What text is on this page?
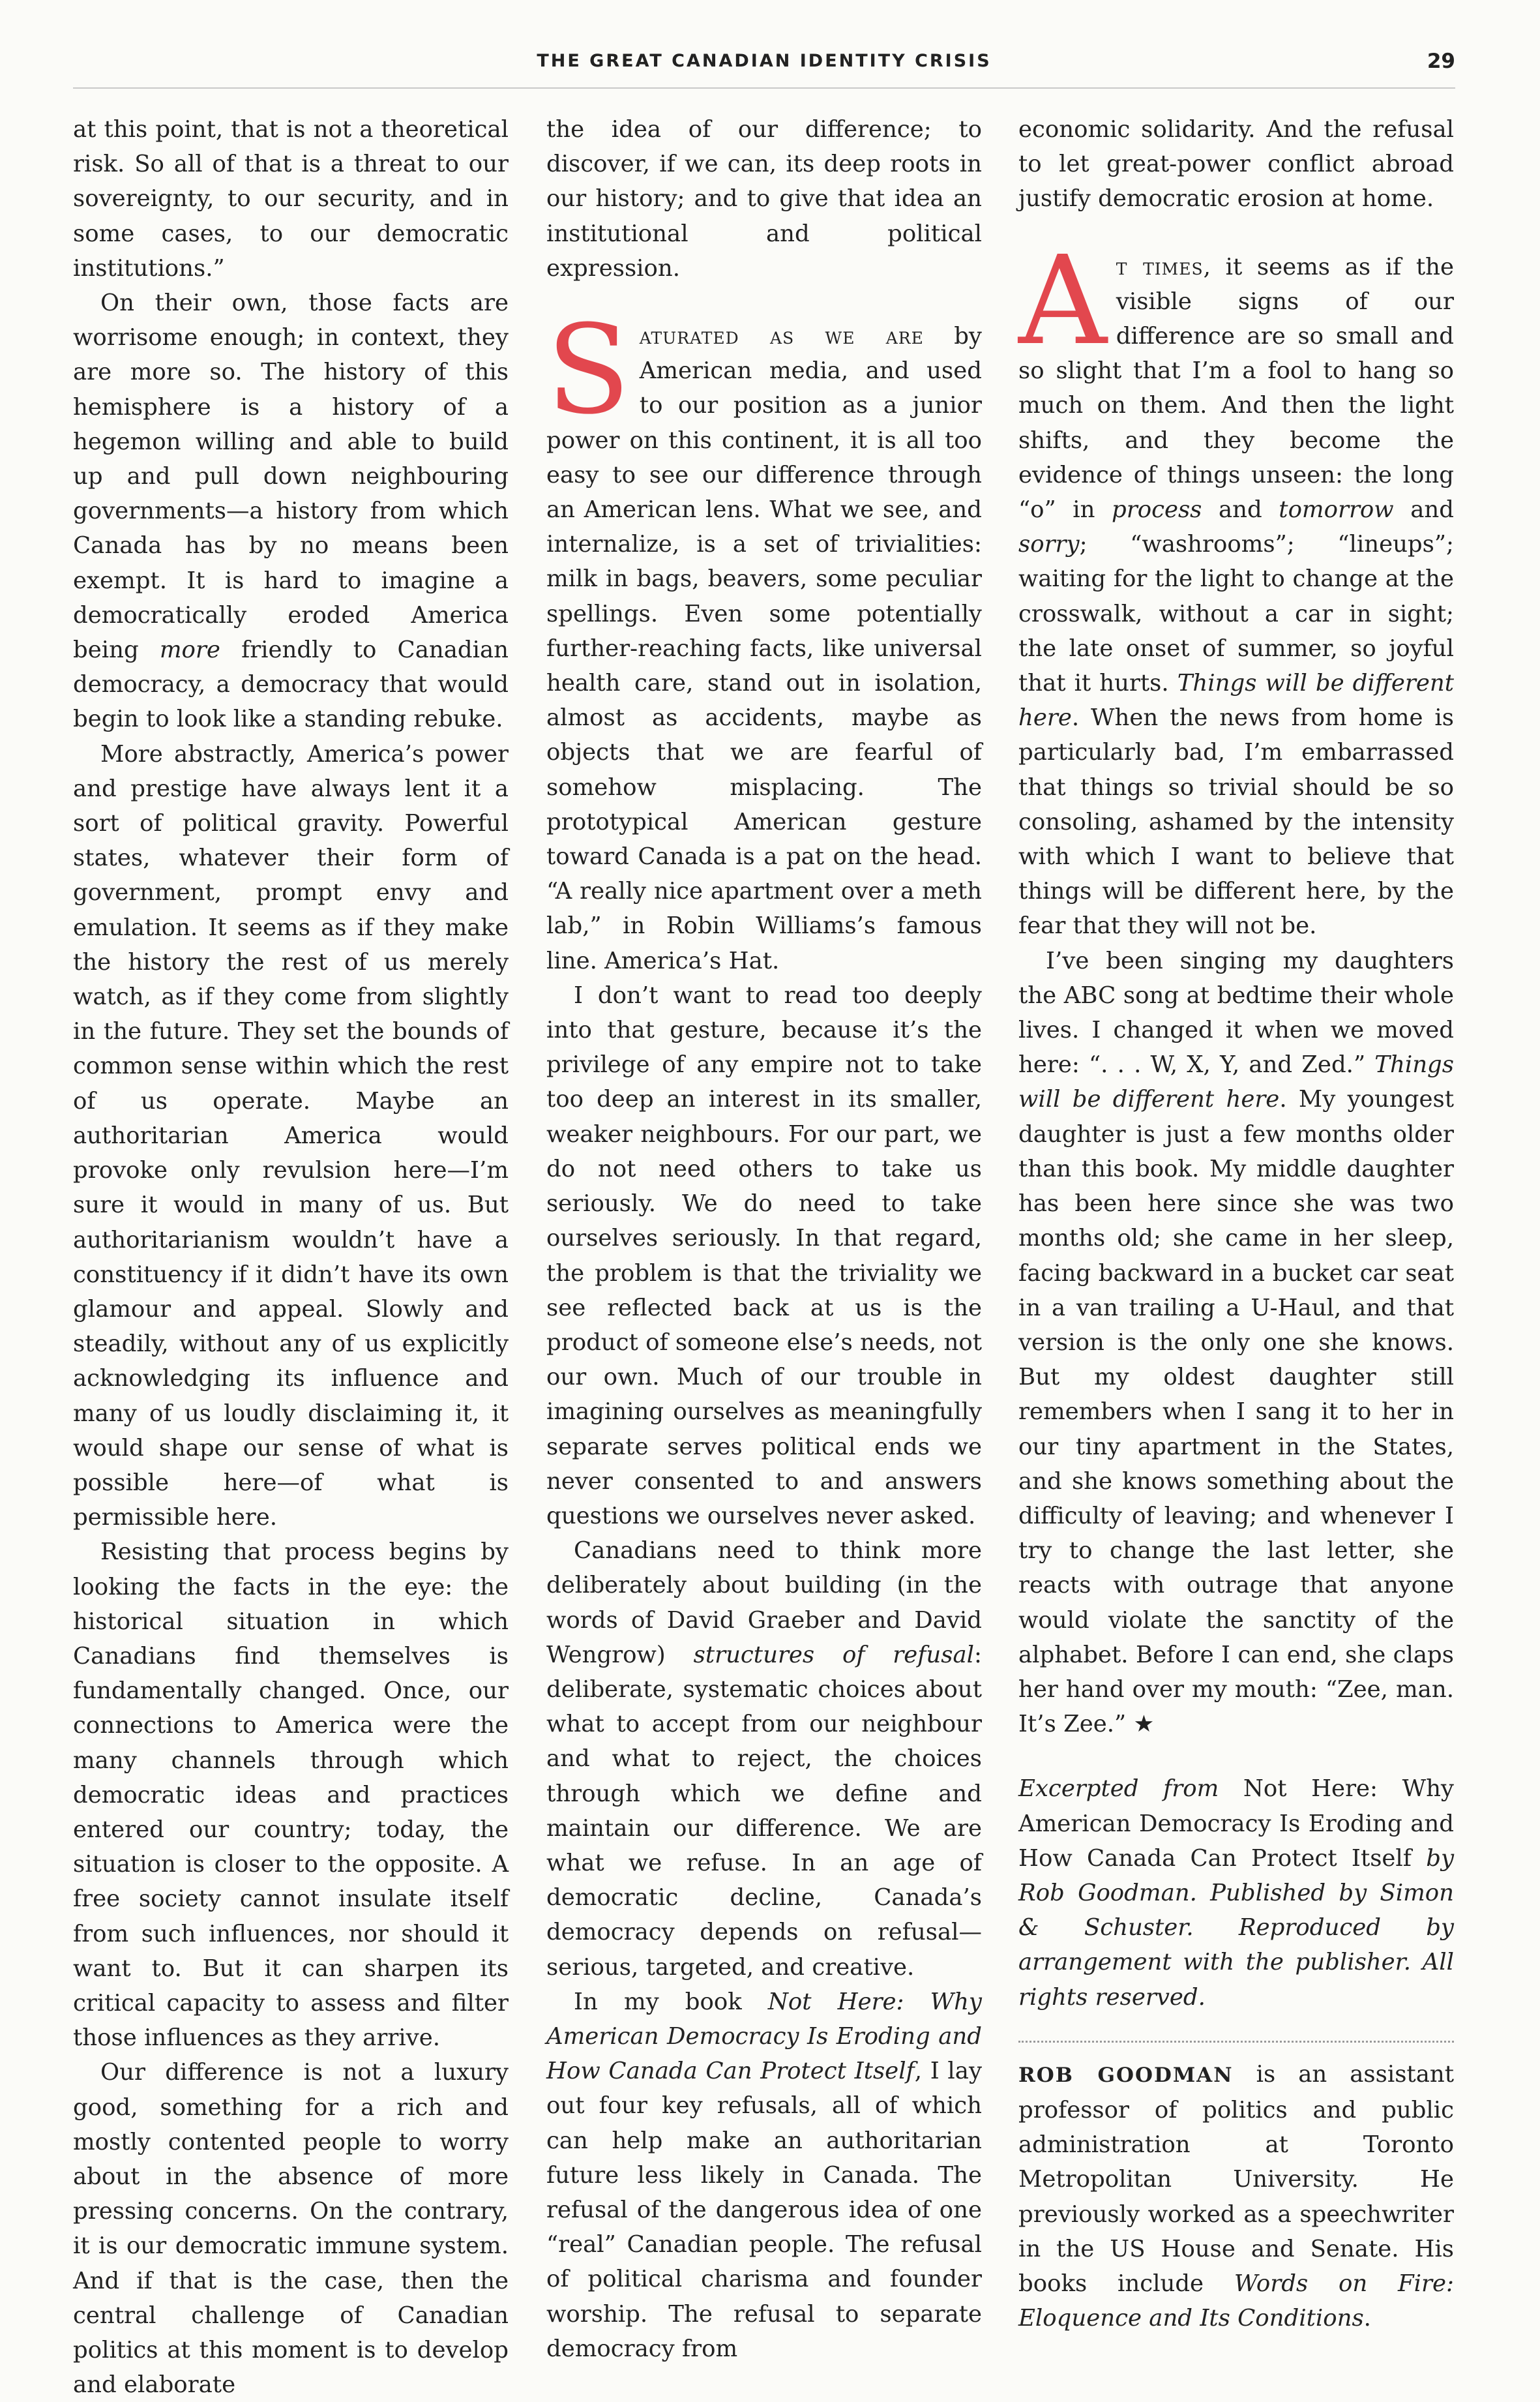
THE GREAT CANADIAN IDENTITY CRISIS	29

at this point, that is not a theoretical risk. So all of that is a threat to our sovereignty, to our security, and in some cases, to our democratic institutions.”

On their own, those facts are worrisome enough; in context, they are more so. The history of this hemisphere is a history of a hegemon willing and able to build up and pull down neighbouring governments—a history from which Canada has by no means been exempt. It is hard to imagine a democratically eroded America being more friendly to Canadian democracy, a democracy that would begin to look like a standing rebuke.

More abstractly, America’s power and prestige have always lent it a sort of political gravity. Powerful states, whatever their form of government, prompt envy and emulation. It seems as if they make the history the rest of us merely watch, as if they come from slightly in the future. They set the bounds of common sense within which the rest of us operate. Maybe an authoritarian America would provoke only revulsion here—I’m sure it would in many of us. But authoritarianism wouldn’t have a constituency if it didn’t have its own glamour and appeal. Slowly and steadily, without any of us explicitly acknowledging its influence and many of us loudly disclaiming it, it would shape our sense of what is possible here—of what is permissible here.

Resisting that process begins by looking the facts in the eye: the historical situation in which Canadians find themselves is fundamentally changed. Once, our connections to America were the many channels through which democratic ideas and practices entered our country; today, the situation is closer to the opposite. A free society cannot insulate itself from such influences, nor should it want to. But it can sharpen its critical capacity to assess and filter those influences as they arrive.

Our difference is not a luxury good, something for a rich and mostly contented people to worry about in the absence of more pressing concerns. On the contrary, it is our democratic immune system. And if that is the case, then the central challenge of Canadian politics at this moment is to develop and elaborate

the idea of our difference; to discover, if we can, its deep roots in our history; and to give that idea an institutional and political expression.

Saturated as we are by American media, and used to our position as a junior power on this continent, it is all too easy to see our difference through an American lens. What we see, and internalize, is a set of trivialities: milk in bags, beavers, some peculiar spellings. Even some potentially further-reaching facts, like universal health care, stand out in isolation, almost as accidents, maybe as objects that we are fearful of somehow misplacing. The prototypical American gesture toward Canada is a pat on the head. “A really nice apartment over a meth lab,” in Robin Williams’s famous line. America’s Hat.

I don’t want to read too deeply into that gesture, because it’s the privilege of any empire not to take too deep an interest in its smaller, weaker neighbours. For our part, we do not need others to take us seriously. We do need to take ourselves seriously. In that regard, the problem is that the triviality we see reflected back at us is the product of someone else’s needs, not our own. Much of our trouble in imagining ourselves as meaningfully separate serves political ends we never consented to and answers questions we ourselves never asked.

Canadians need to think more deliberately about building (in the words of David Graeber and David Wengrow) structures of refusal: deliberate, systematic choices about what to accept from our neighbour and what to reject, the choices through which we define and maintain our difference. We are what we refuse. In an age of democratic decline, Canada’s democracy depends on refusal—serious, targeted, and creative.

In my book Not Here: Why American Democracy Is Eroding and How Canada Can Protect Itself, I lay out four key refusals, all of which can help make an authoritarian future less likely in Canada. The refusal of the dangerous idea of one “real” Canadian people. The refusal of political charisma and founder worship. The refusal to separate democracy from

economic solidarity. And the refusal to let great-power conflict abroad justify democratic erosion at home.

At times, it seems as if the visible signs of our difference are so small and so slight that I’m a fool to hang so much on them. And then the light shifts, and they become the evidence of things unseen: the long “o” in process and tomorrow and sorry; “washrooms”; “lineups”; waiting for the light to change at the crosswalk, without a car in sight; the late onset of summer, so joyful that it hurts. Things will be different here. When the news from home is particularly bad, I’m embarrassed that things so trivial should be so consoling, ashamed by the intensity with which I want to believe that things will be different here, by the fear that they will not be.

I’ve been singing my daughters the ABC song at bedtime their whole lives. I changed it when we moved here: “. . . W, X, Y, and Zed.” Things will be different here. My youngest daughter is just a few months older than this book. My middle daughter has been here since she was two months old; she came in her sleep, facing backward in a bucket car seat in a van trailing a U-Haul, and that version is the only one she knows. But my oldest daughter still remembers when I sang it to her in our tiny apartment in the States, and she knows something about the difficulty of leaving; and whenever I try to change the last letter, she reacts with outrage that anyone would violate the sanctity of the alphabet. Before I can end, she claps her hand over my mouth: “Zee, man. It’s Zee.” ★

Excerpted from Not Here: Why American Democracy Is Eroding and How Canada Can Protect Itself by Rob Goodman. Published by Simon & Schuster. Reproduced by arrangement with the publisher. All rights reserved.
ROB GOODMAN is an assistant professor of politics and public administration at Toronto Metropolitan University. He previously worked as a speechwriter in the US House and Senate. His books include Words on Fire: Eloquence and Its Conditions.
